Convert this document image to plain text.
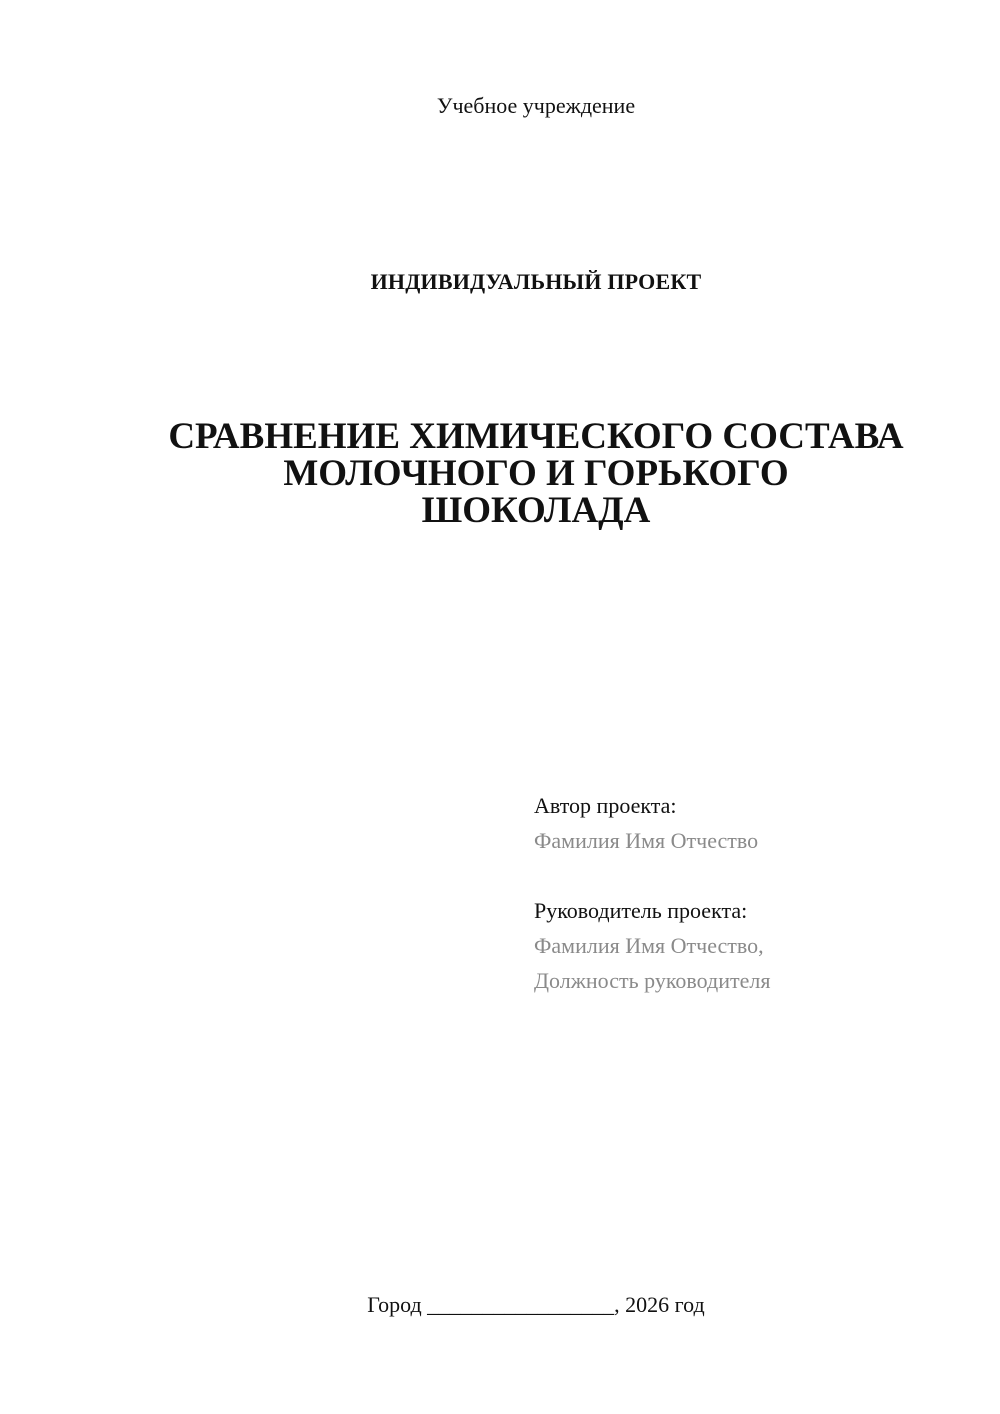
Учебное учреждение
ИНДИВИДУАЛЬНЫЙ ПРОЕКТ
СРАВНЕНИЕ ХИМИЧЕСКОГО СОСТАВА
МОЛОЧНОГО И ГОРЬКОГО
ШОКОЛАДА
Автор проекта:
Фамилия Имя Отчество
Руководитель проекта:
Фамилия Имя Отчество,
Должность руководителя
Город _________________, 2026 год
